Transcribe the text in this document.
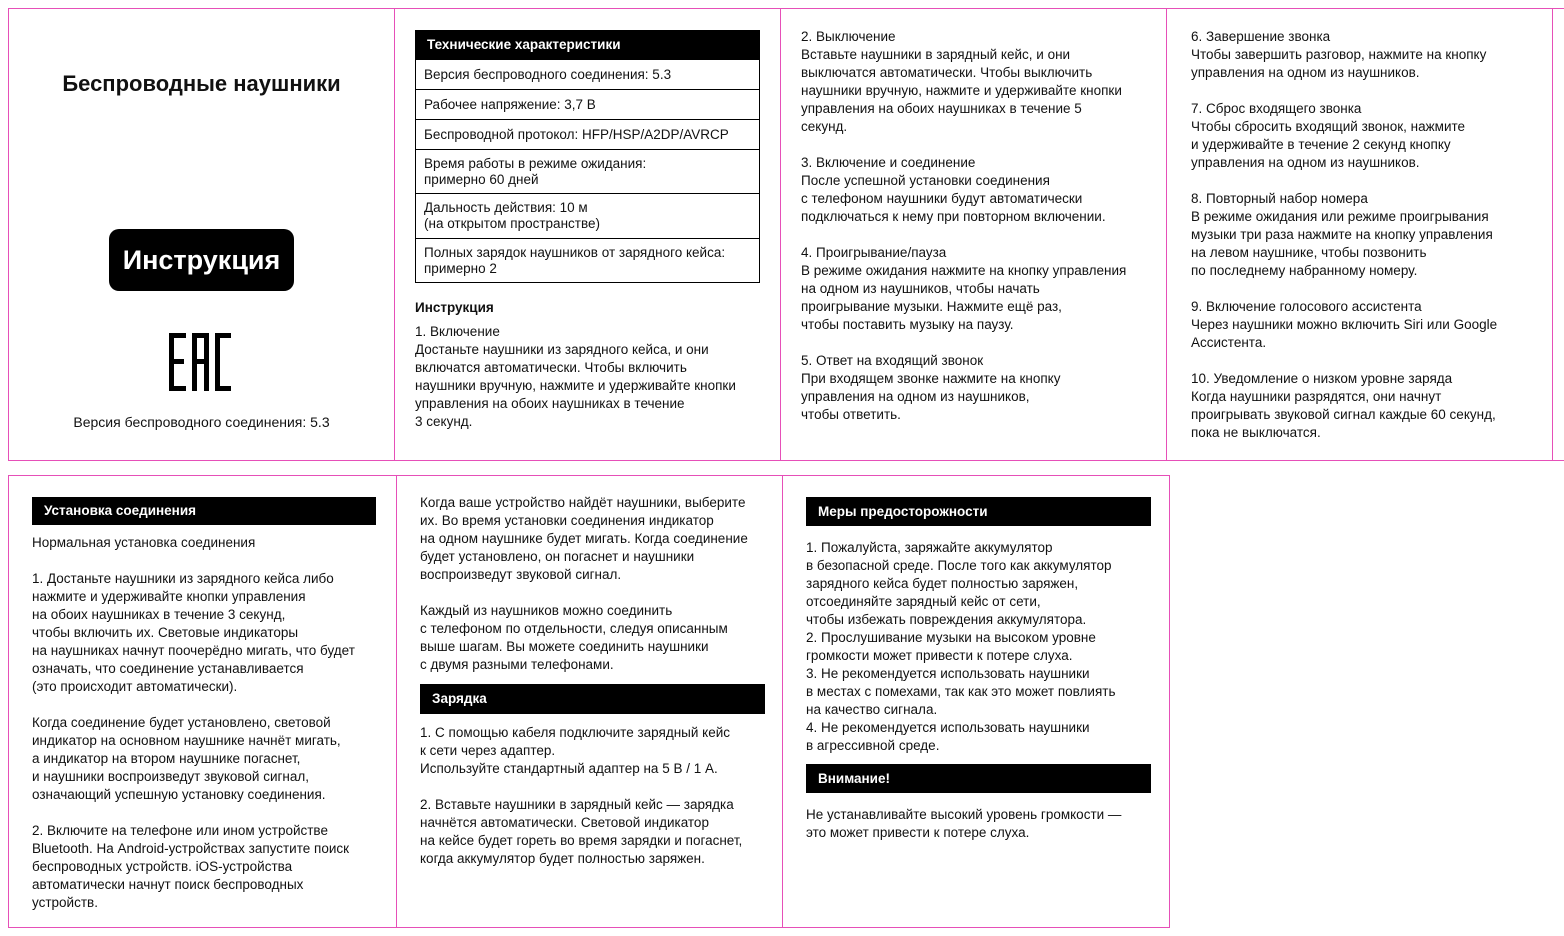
Беспроводные наушники
Инструкция
Версия беспроводного соединения: 5.3
Технические характеристики
Версия беспроводного соединения: 5.3
Рабочее напряжение: 3,7 В
Беспроводной протокол: HFP/HSP/A2DP/AVRCP
Время работы в режиме ожидания:
примерно 60 дней
Дальность действия: 10 м
(на открытом пространстве)
Полных зарядок наушников от зарядного кейса:
примерно 2
Инструкция
1. Включение

Достаньте наушники из зарядного кейса, и они
включатся автоматически. Чтобы включить
наушники вручную, нажмите и удерживайте кнопки
управления на обоих наушниках в течение
3 секунд.

2. Выключение

Вставьте наушники в зарядный кейс, и они
выключатся автоматически. Чтобы выключить
наушники вручную, нажмите и удерживайте кнопки
управления на обоих наушниках в течение 5
секунд.

3. Включение и соединение

После успешной установки соединения
с телефоном наушники будут автоматически
подключаться к нему при повторном включении.

4. Проигрывание/пауза

В режиме ожидания нажмите на кнопку управления
на одном из наушников, чтобы начать
проигрывание музыки. Нажмите ещё раз,
чтобы поставить музыку на паузу.

5. Ответ на входящий звонок

При входящем звонке нажмите на кнопку
управления на одном из наушников,
чтобы ответить.

6. Завершение звонка

Чтобы завершить разговор, нажмите на кнопку
управления на одном из наушников.

7. Сброс входящего звонка

Чтобы сбросить входящий звонок, нажмите
и удерживайте в течение 2 секунд кнопку
управления на одном из наушников.

8. Повторный набор номера

В режиме ожидания или режиме проигрывания
музыки три раза нажмите на кнопку управления
на левом наушнике, чтобы позвонить
по последнему набранному номеру.

9. Включение голосового ассистента

Через наушники можно включить Siri или Google
Ассистента.

10. Уведомление о низком уровне заряда

Когда наушники разрядятся, они начнут
проигрывать звуковой сигнал каждые 60 секунд,
пока не выключатся.

Установка соединения

Нормальная установка соединения

1. Достаньте наушники из зарядного кейса либо
нажмите и удерживайте кнопки управления
на обоих наушниках в течение 3 секунд,
чтобы включить их. Световые индикаторы
на наушниках начнут поочерёдно мигать, что будет
означать, что соединение устанавливается
(это происходит автоматически).

Когда соединение будет установлено, световой
индикатор на основном наушнике начнёт мигать,
а индикатор на втором наушнике погаснет,
и наушники воспроизведут звуковой сигнал,
означающий успешную установку соединения.

2. Включите на телефоне или ином устройстве
Bluetooth. На Android-устройствах запустите поиск
беспроводных устройств. iOS-устройства
автоматически начнут поиск беспроводных
устройств.

Когда ваше устройство найдёт наушники, выберите
их. Во время установки соединения индикатор
на одном наушнике будет мигать. Когда соединение
будет установлено, он погаснет и наушники
воспроизведут звуковой сигнал.

Каждый из наушников можно соединить
с телефоном по отдельности, следуя описанным
выше шагам. Вы можете соединить наушники
с двумя разными телефонами.

Зарядка

1. С помощью кабеля подключите зарядный кейс
к сети через адаптер.
Используйте стандартный адаптер на 5 В / 1 А.

2. Вставьте наушники в зарядный кейс — зарядка
начнётся автоматически. Световой индикатор
на кейсе будет гореть во время зарядки и погаснет,
когда аккумулятор будет полностью заряжен.

Меры предосторожности

1. Пожалуйста, заряжайте аккумулятор
в безопасной среде. После того как аккумулятор
зарядного кейса будет полностью заряжен,
отсоединяйте зарядный кейс от сети,
чтобы избежать повреждения аккумулятора.
2. Прослушивание музыки на высоком уровне
громкости может привести к потере слуха.
3. Не рекомендуется использовать наушники
в местах с помехами, так как это может повлиять
на качество сигнала.
4. Не рекомендуется использовать наушники
в агрессивной среде.

Внимание!

Не устанавливайте высокий уровень громкости —
это может привести к потере слуха.
